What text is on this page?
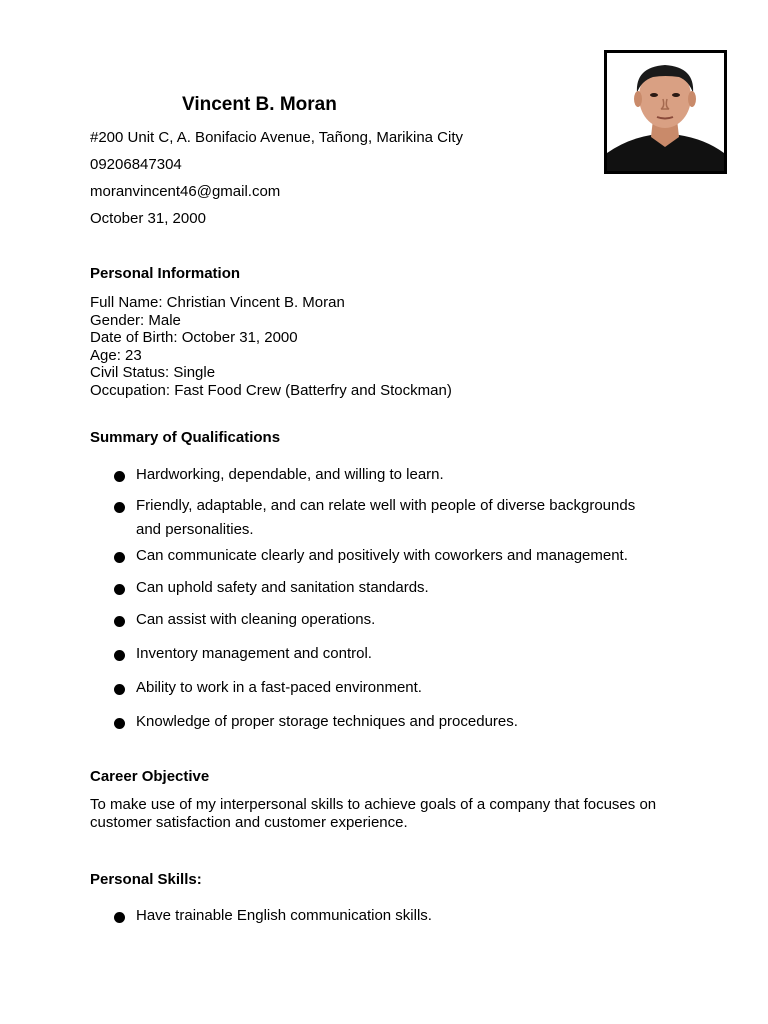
Vincent B. Moran
#200 Unit C, A. Bonifacio Avenue, Tañong, Marikina City
09206847304
moranvincent46@gmail.com
October 31, 2000
Personal Information
Full Name: Christian Vincent B. Moran
Gender: Male
Date of Birth: October 31, 2000
Age: 23
Civil Status: Single
Occupation: Fast Food Crew (Batterfry and Stockman)
Summary of Qualifications
Hardworking, dependable, and willing to learn.
Friendly, adaptable, and can relate well with people of diverse backgrounds and personalities.
Can communicate clearly and positively with coworkers and management.
Can uphold safety and sanitation standards.
Can assist with cleaning operations.
Inventory management and control.
Ability to work in a fast-paced environment.
Knowledge of proper storage techniques and procedures.
Career Objective
To make use of my interpersonal skills to achieve goals of a company that focuses on customer satisfaction and customer experience.
Personal Skills:
Have trainable English communication skills.
